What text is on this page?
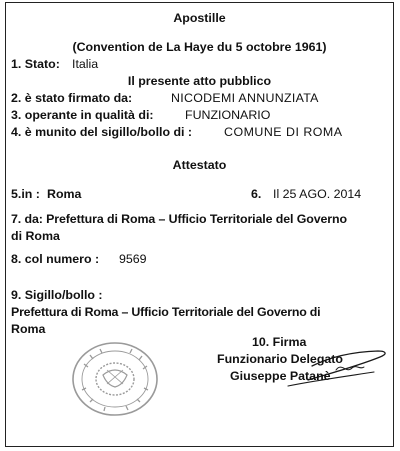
Apostille
(Convention de La Haye du 5 octobre 1961)
1. Stato: Italia
Il presente atto pubblico
2. è stato firmato da:	NICODEMI ANNUNZIATA
3. operante in qualità di:	FUNZIONARIO
4. è munito del sigillo/bollo di :	COMUNE DI ROMA
Attestato
5.in : Roma	6. Il 25 AGO. 2014
7. da: Prefettura di Roma – Ufficio Territoriale del Governo
di Roma
8. col numero : 9569
9. Sigillo/bollo :
Prefettura di Roma – Ufficio Territoriale del Governo di
Roma
10. Firma
Funzionario Delegato
Giuseppe Patanè
